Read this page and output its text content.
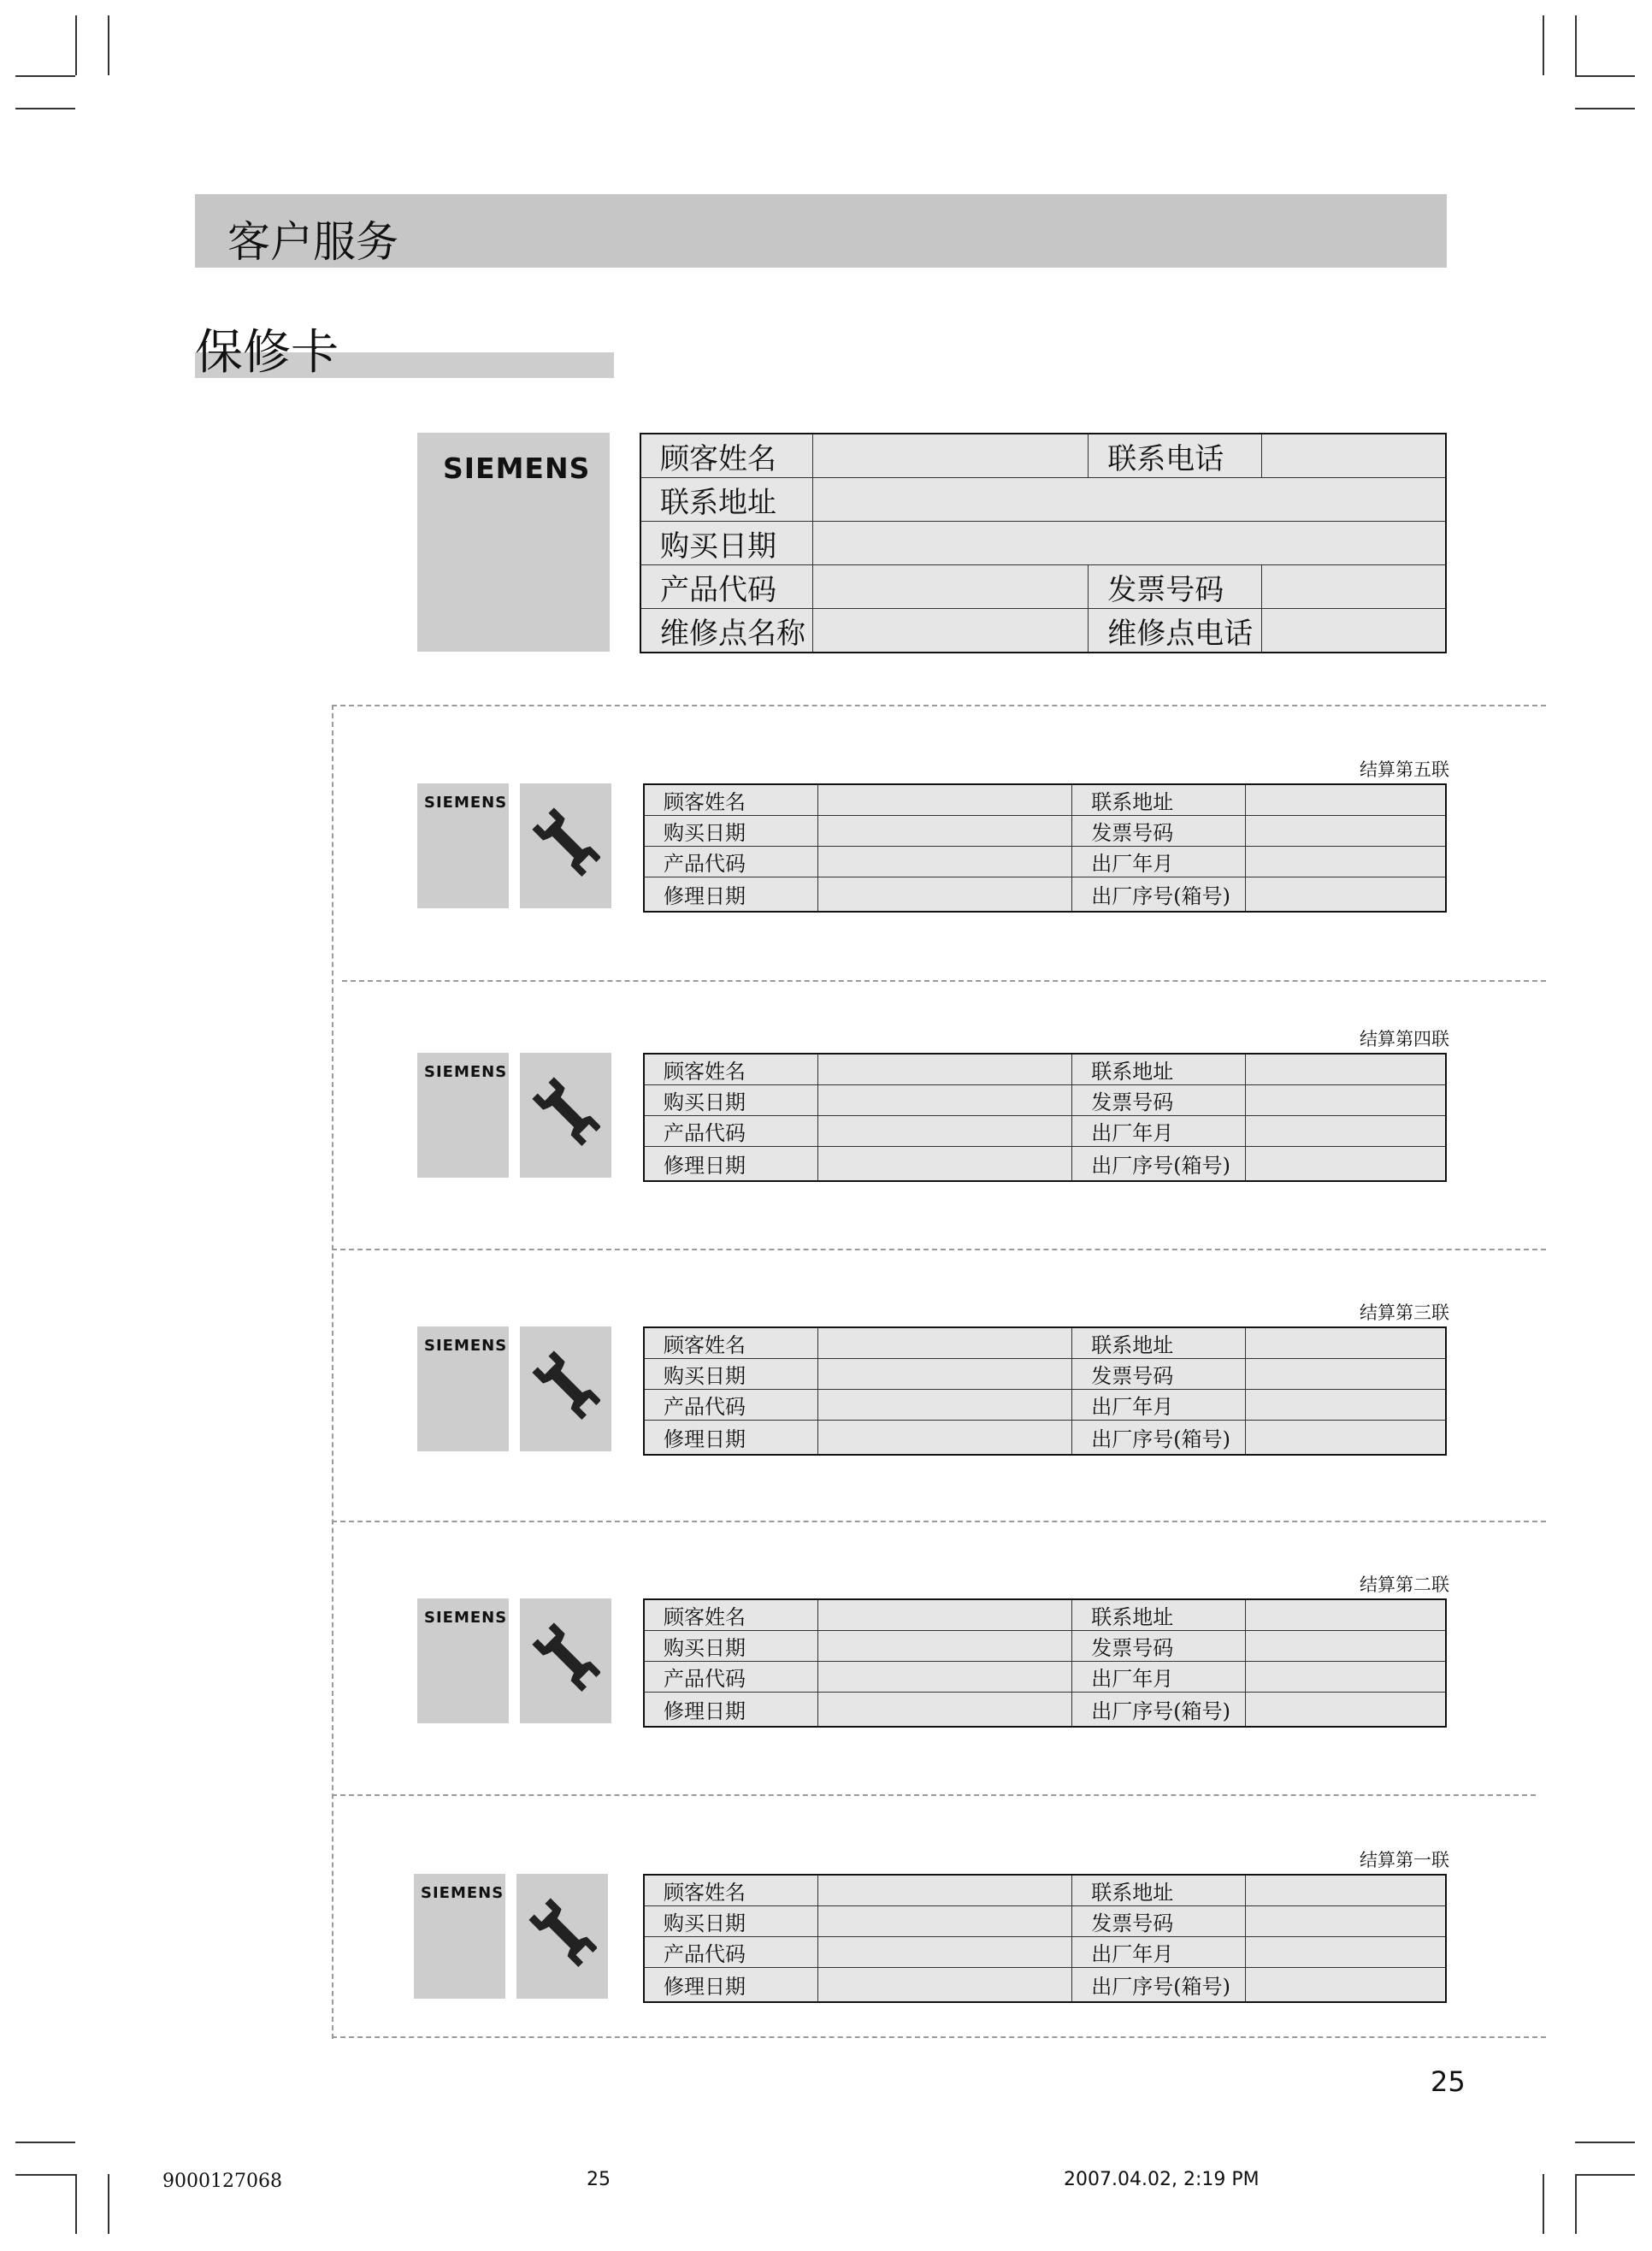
客户服务
保修卡
SIEMENS 顾客姓名		联系电话	
联系地址			
购买日期			
产品代码		发票号码	
维修点名称		维修点电话	
结算第五联
SIEMENS	顾客姓名		联系地址	
购买日期		发票号码	
产品代码		出厂年月	
修理日期		出厂序号(箱号)	
结算第四联
SIEMENS	顾客姓名		联系地址	
购买日期		发票号码	
产品代码		出厂年月	
修理日期		出厂序号(箱号)	
结算第三联
SIEMENS	顾客姓名		联系地址	
购买日期		发票号码	
产品代码		出厂年月	
修理日期		出厂序号(箱号)	
结算第二联
SIEMENS	顾客姓名		联系地址	
购买日期		发票号码	
产品代码		出厂年月	
修理日期		出厂序号(箱号)	
结算第一联
SIEMENS	顾客姓名		联系地址	
购买日期		发票号码	
产品代码		出厂年月	
修理日期		出厂序号(箱号)	
25
9000127068	25	2007.04.02, 2:19 PM
